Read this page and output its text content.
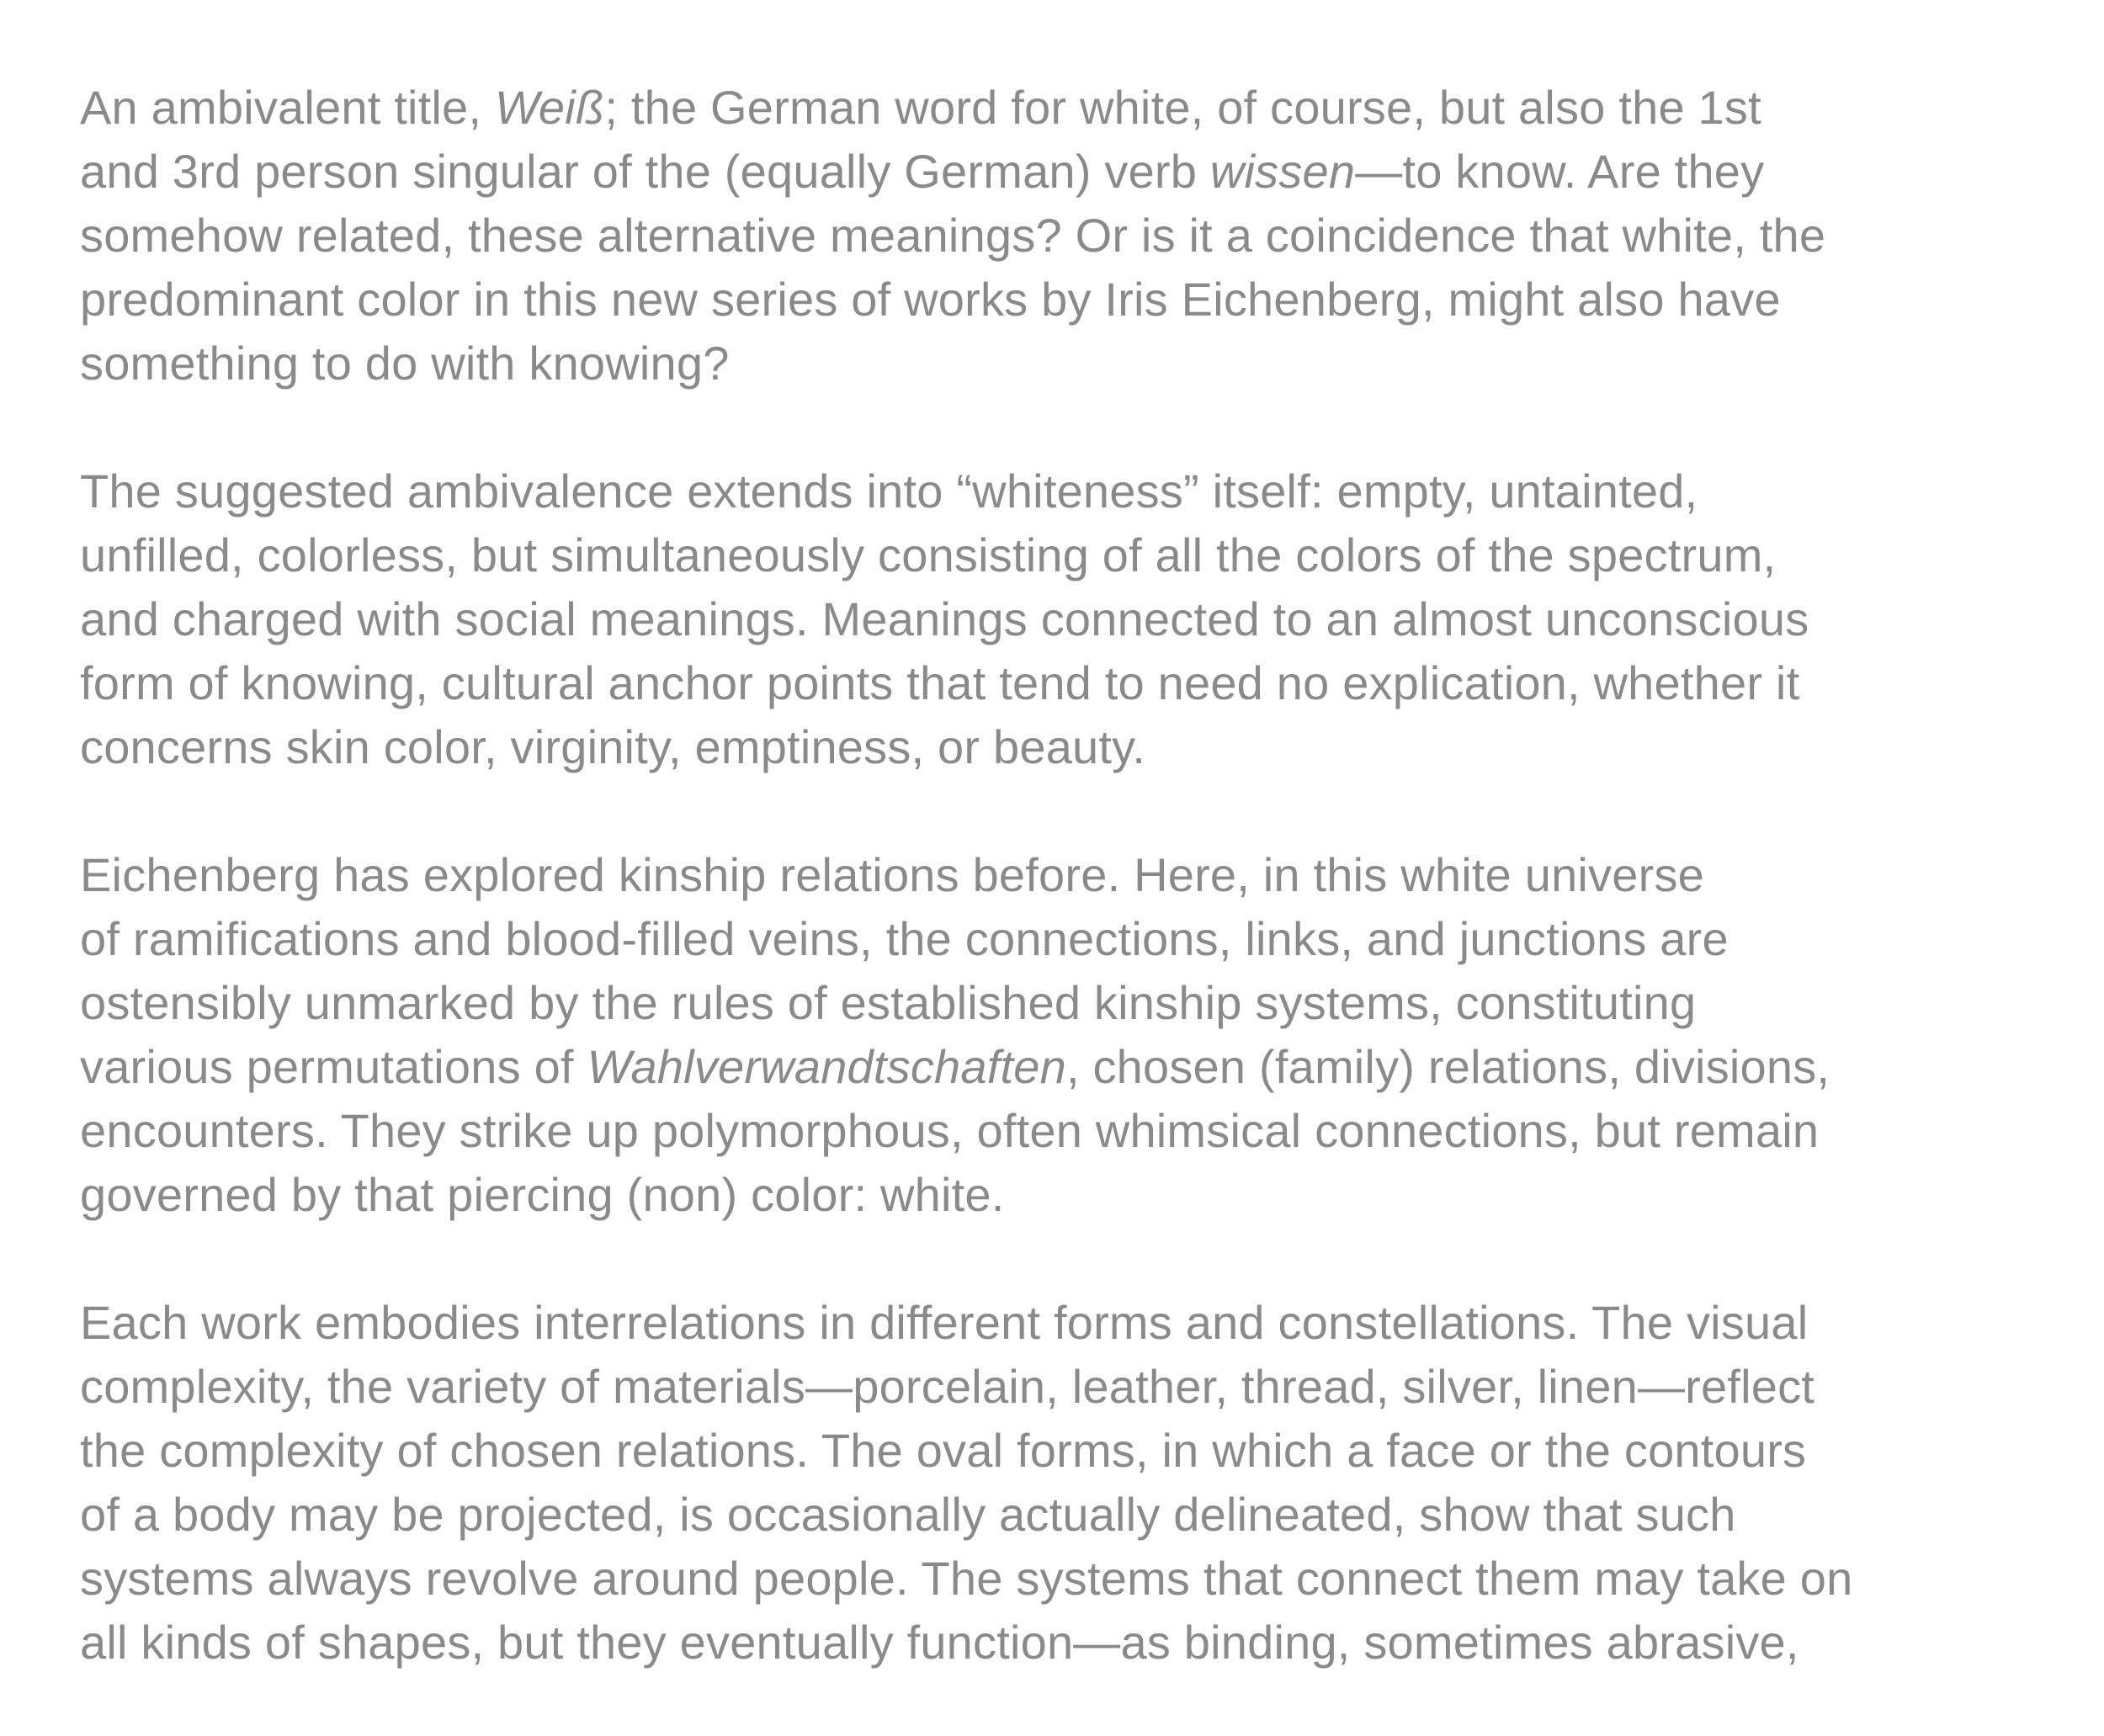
An ambivalent title, Weiß; the German word for white, of course, but also the 1st
and 3rd person singular of the (equally German) verb wissen—to know. Are they
somehow related, these alternative meanings? Or is it a coincidence that white, the
predominant color in this new series of works by Iris Eichenberg, might also have
something to do with knowing?

The suggested ambivalence extends into “whiteness” itself: empty, untainted,
unfilled, colorless, but simultaneously consisting of all the colors of the spectrum,
and charged with social meanings. Meanings connected to an almost unconscious
form of knowing, cultural anchor points that tend to need no explication, whether it
concerns skin color, virginity, emptiness, or beauty.

Eichenberg has explored kinship relations before. Here, in this white universe
of ramifications and blood-filled veins, the connections, links, and junctions are
ostensibly unmarked by the rules of established kinship systems, constituting
various permutations of Wahlverwandtschaften, chosen (family) relations, divisions,
encounters. They strike up polymorphous, often whimsical connections, but remain
governed by that piercing (non) color: white.

Each work embodies interrelations in different forms and constellations. The visual
complexity, the variety of materials—porcelain, leather, thread, silver, linen—reflect
the complexity of chosen relations. The oval forms, in which a face or the contours
of a body may be projected, is occasionally actually delineated, show that such
systems always revolve around people. The systems that connect them may take on
all kinds of shapes, but they eventually function—as binding, sometimes abrasive,
